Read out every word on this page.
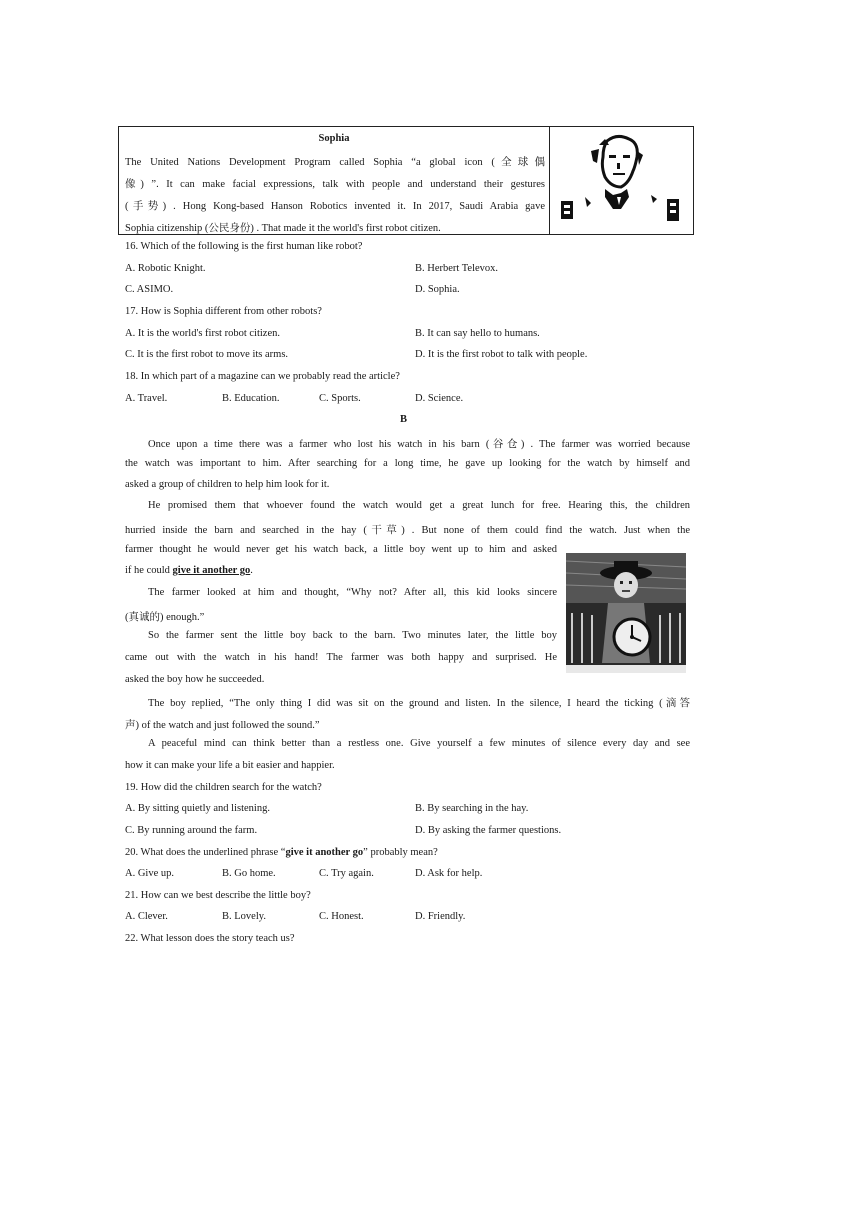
Sophia
The United Nations Development Program called Sophia “a global icon (全球偶
像) ”. It can make facial expressions, talk with people and understand their gestures
(手势) . Hong Kong-based Hanson Robotics invented it. In 2017, Saudi Arabia gave
Sophia citizenship (公民身份) . That made it the world's first robot citizen.
16. Which of the following is the first human like robot?
A. Robotic Knight.	B. Herbert Televox.
C. ASIMO.	D. Sophia.
17. How is Sophia different from other robots?
A. It is the world's first robot citizen.	B. It can say hello to humans.
C. It is the first robot to move its arms.	D. It is the first robot to talk with people.
18. In which part of a magazine can we probably read the article?
A. Travel.	B. Education.	C. Sports.	D. Science.
B
Once upon a time there was a farmer who lost his watch in his barn (谷仓) . The farmer was worried because
the watch was important to him. After searching for a long time, he gave up looking for the watch by himself and
asked a group of children to help him look for it.
He promised them that whoever found the watch would get a great lunch for free. Hearing this, the children
hurried inside the barn and searched in the hay (干草) . But none of them could find the watch. Just when the
farmer thought he would never get his watch back, a little boy went up to him and asked
if he could give it another go.
The farmer looked at him and thought, “Why not? After all, this kid looks sincere
(真诚的) enough.”
So the farmer sent the little boy back to the barn. Two minutes later, the little boy
came out with the watch in his hand! The farmer was both happy and surprised. He
asked the boy how he succeeded.
The boy replied, “The only thing I did was sit on the ground and listen. In the silence, I heard the ticking (滴答
声) of the watch and just followed the sound.”
A peaceful mind can think better than a restless one. Give yourself a few minutes of silence every day and see
how it can make your life a bit easier and happier.
19. How did the children search for the watch?
A. By sitting quietly and listening.	B. By searching in the hay.
C. By running around the farm.	D. By asking the farmer questions.
20. What does the underlined phrase “give it another go” probably mean?
A. Give up.	B. Go home.	C. Try again.	D. Ask for help.
21. How can we best describe the little boy?
A. Clever.	B. Lovely.	C. Honest.	D. Friendly.
22. What lesson does the story teach us?
